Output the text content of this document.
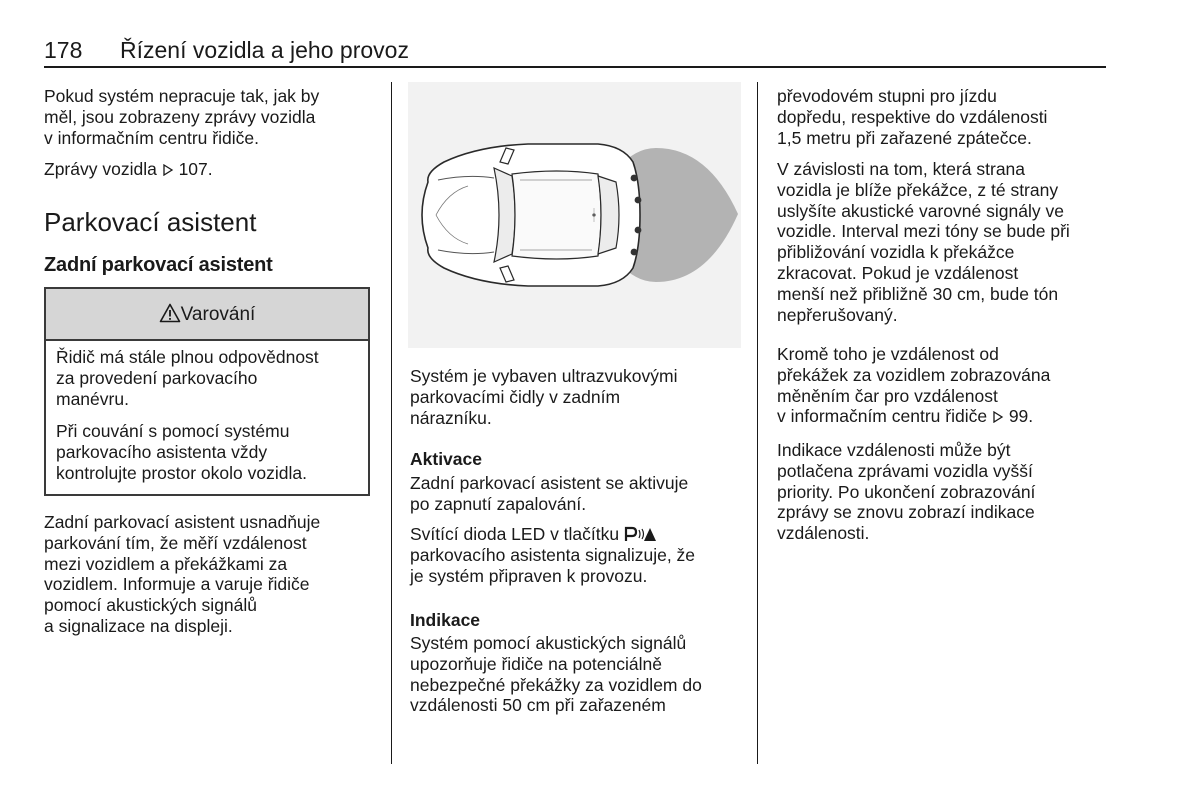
178 Řízení vozidla a jeho provoz
Pokud systém nepracuje tak, jak by
měl, jsou zobrazeny zprávy vozidla
v informačním centru řidiče.
Zprávy vozidla 107.
Parkovací asistent
Zadní parkovací asistent
Varování
Řidič má stále plnou odpovědnost
za provedení parkovacího
manévru.
Při couvání s pomocí systému
parkovacího asistenta vždy
kontrolujte prostor okolo vozidla.
Zadní parkovací asistent usnadňuje
parkování tím, že měří vzdálenost
mezi vozidlem a překážkami za
vozidlem. Informuje a varuje řidiče
pomocí akustických signálů
a signalizace na displeji.
Systém je vybaven ultrazvukovými
parkovacími čidly v zadním
nárazníku.
Aktivace
Zadní parkovací asistent se aktivuje
po zapnutí zapalování.
Svítící dioda LED v tlačítku
parkovacího asistenta signalizuje, že
je systém připraven k provozu.
Indikace
Systém pomocí akustických signálů
upozorňuje řidiče na potenciálně
nebezpečné překážky za vozidlem do
vzdálenosti 50 cm při zařazeném
převodovém stupni pro jízdu
dopředu, respektive do vzdálenosti
1,5 metru při zařazené zpátečce.
V závislosti na tom, která strana
vozidla je blíže překážce, z té strany
uslyšíte akustické varovné signály ve
vozidle. Interval mezi tóny se bude při
přibližování vozidla k překážce
zkracovat. Pokud je vzdálenost
menší než přibližně 30 cm, bude tón
nepřerušovaný.
Kromě toho je vzdálenost od
překážek za vozidlem zobrazována
měněním čar pro vzdálenost
v informačním centru řidiče 99.
Indikace vzdálenosti může být
potlačena zprávami vozidla vyšší
priority. Po ukončení zobrazování
zprávy se znovu zobrazí indikace
vzdálenosti.
